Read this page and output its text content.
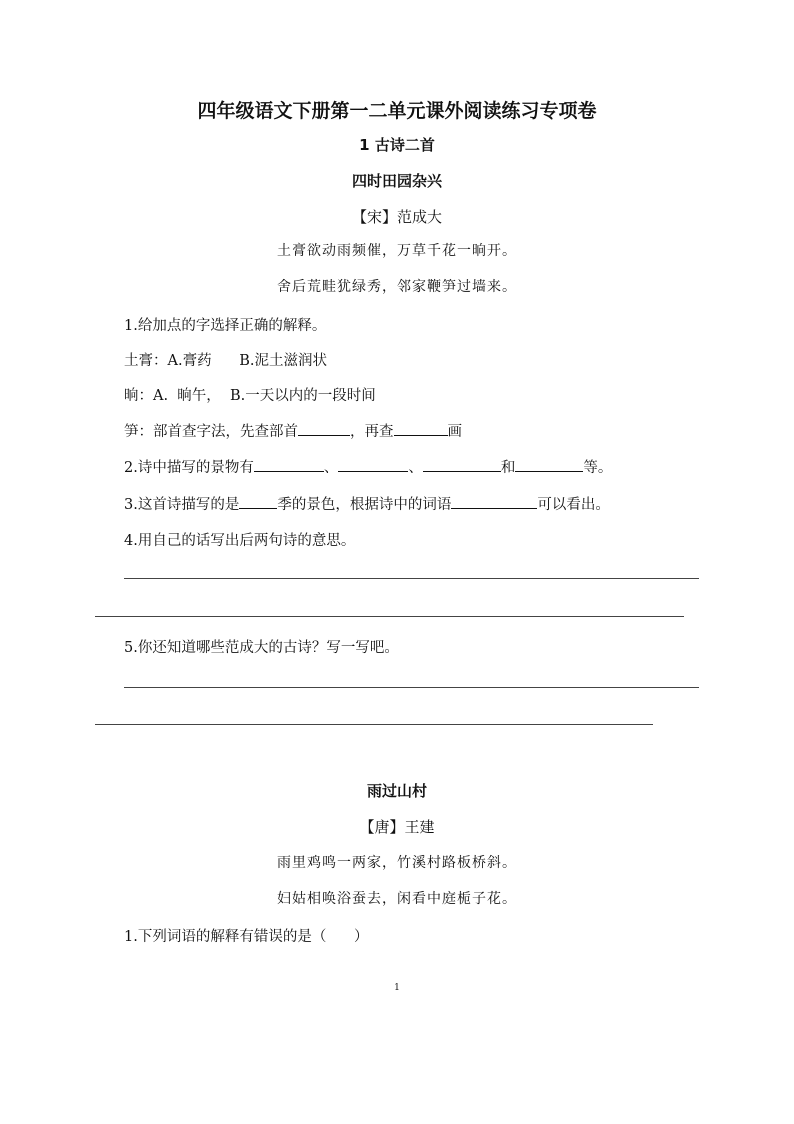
四年级语文下册第一二单元课外阅读练习专项卷
1 古诗二首
四时田园杂兴
【宋】范成大
土膏欲动雨频催，万草千花一晌开。
舍后荒畦犹绿秀，邻家鞭笋过墙来。
1.给加点的字选择正确的解释。
土膏：A.膏药      B.泥土滋润状
晌：A.  晌午，  B.一天以内的一段时间
笋：部首查字法，先查部首	，再查	画
2.诗中描写的景物有	、	、	和	等。
3.这首诗描写的是	季的景色，根据诗中的词语	可以看出。
4.用自己的话写出后两句诗的意思。
5.你还知道哪些范成大的古诗？写一写吧。
雨过山村
【唐】王建
雨里鸡鸣一两家，竹溪村路板桥斜。
妇姑相唤浴蚕去，闲看中庭栀子花。
1.下列词语的解释有错误的是（      ）
1
